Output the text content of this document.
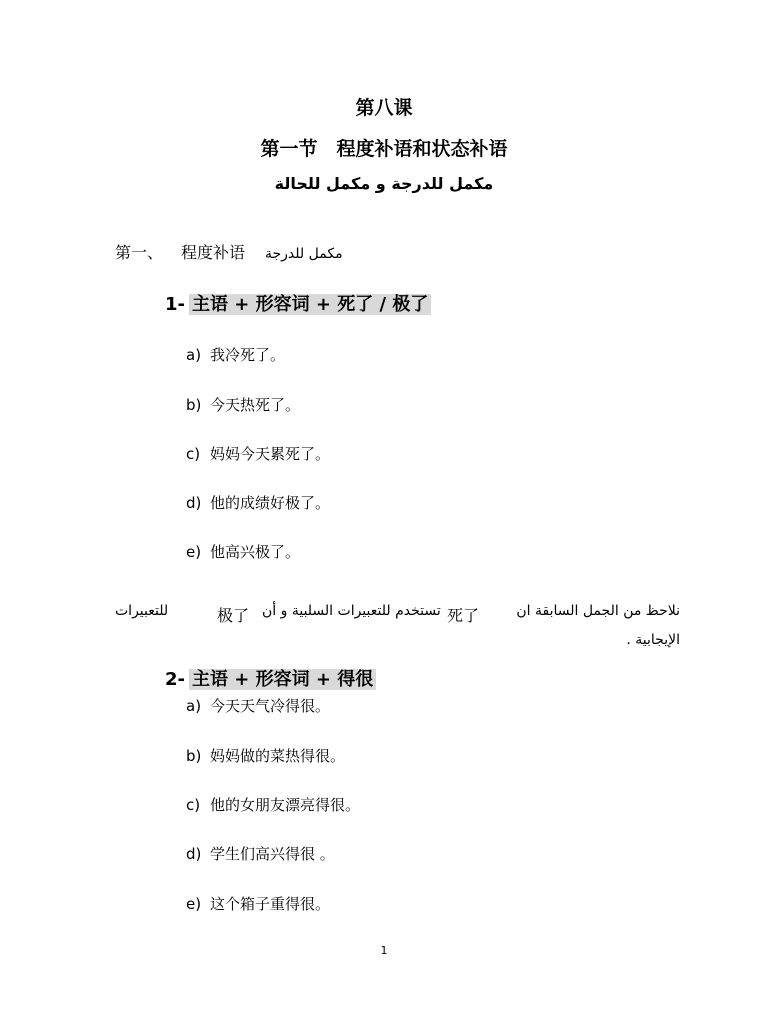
第八课
第一节　程度补语和状态补语
مكمل للدرجة و مكمل للحالة
第一、 程度补语 مكمل للدرجة
1- 主语 + 形容词 + 死了 / 极了
a) 我冷死了。
b) 今天热死了。
c) 妈妈今天累死了。
d) 他的成绩好极了。
e) 他高兴极了。
نلاحظ من الجمل السابقة ان
死了
تستخدم للتعبيرات السلبية و أن
极了
للتعبيرات
الإيجابية .
2- 主语 + 形容词 + 得很
a) 今天天气冷得很。
b) 妈妈做的菜热得很。
c) 他的女朋友漂亮得很。
d) 学生们高兴得很 。
e) 这个箱子重得很。
1
